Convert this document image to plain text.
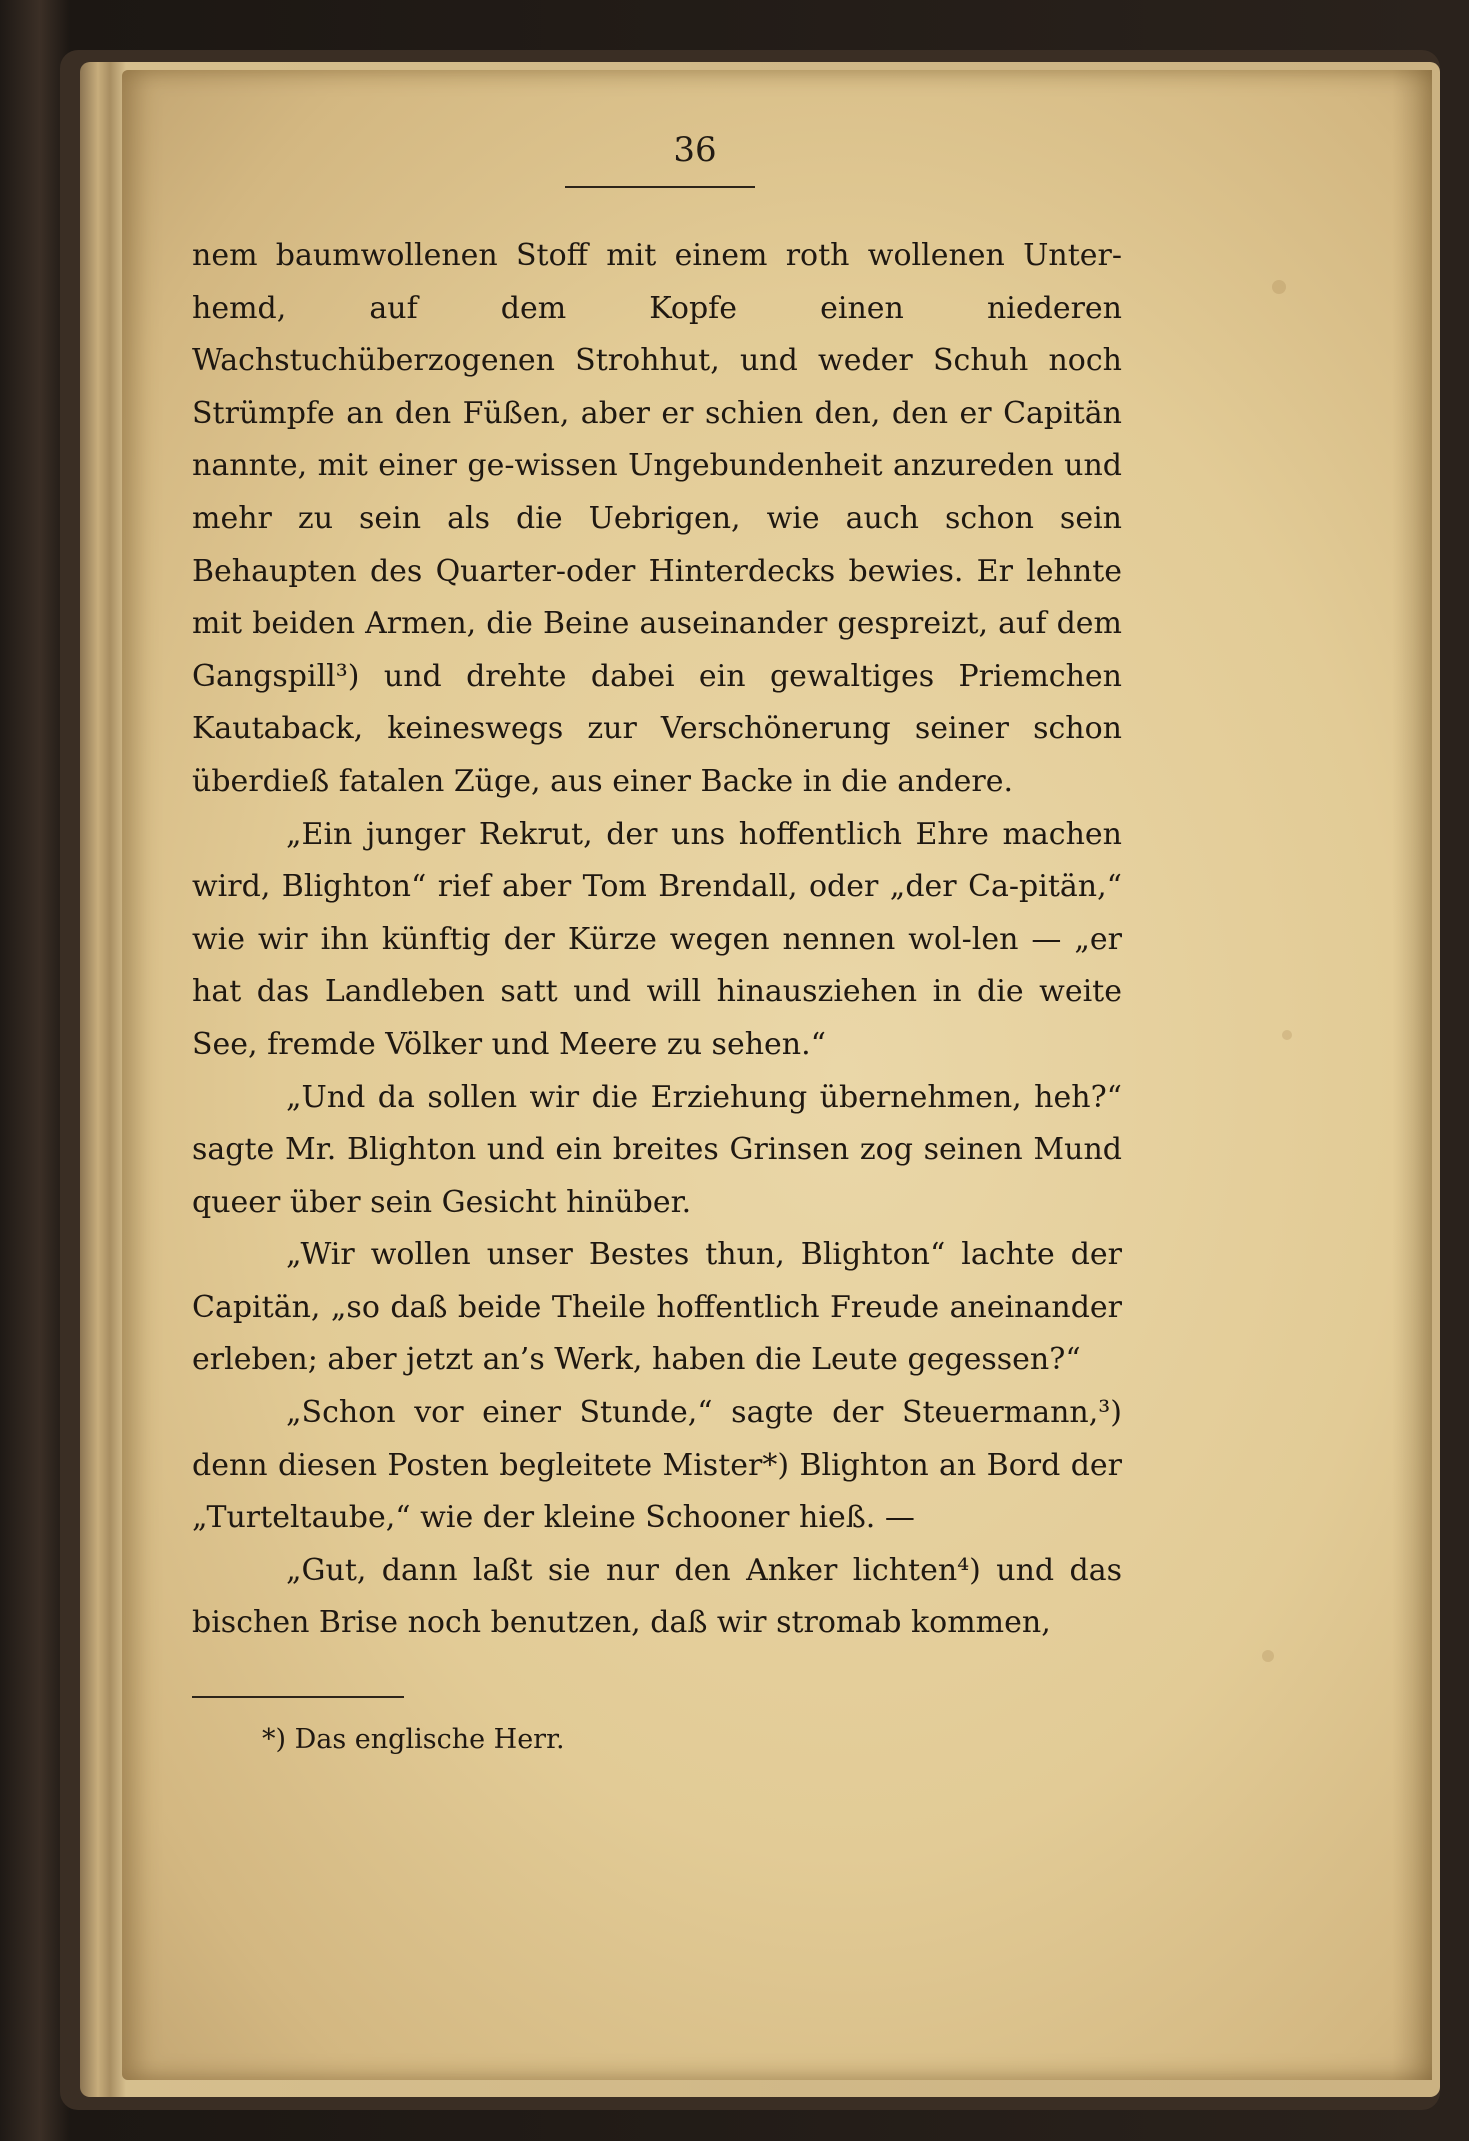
36

nem baumwollenen Stoff mit einem roth wollenen Unter‐hemd, auf dem Kopfe einen niederen Wachstuchüberzogenen Strohhut, und weder Schuh noch Strümpfe an den Füßen, aber er schien den, den er Capitän nannte, mit einer ge‐wissen Ungebundenheit anzureden und mehr zu sein als die Uebrigen, wie auch schon sein Behaupten des Quarter‐oder Hinterdecks bewies. Er lehnte mit beiden Armen, die Beine auseinander gespreizt, auf dem Gangspill³) und drehte dabei ein gewaltiges Priemchen Kautaback, keineswegs zur Verschönerung seiner schon überdieß fatalen Züge, aus einer Backe in die andere.

„Ein junger Rekrut, der uns hoffentlich Ehre machen wird, Blighton“ rief aber Tom Brendall, oder „der Ca‐pitän,“ wie wir ihn künftig der Kürze wegen nennen wol‐len — „er hat das Landleben satt und will hinausziehen in die weite See, fremde Völker und Meere zu sehen.“

„Und da sollen wir die Erziehung übernehmen, heh?“ sagte Mr. Blighton und ein breites Grinsen zog seinen Mund queer über sein Gesicht hinüber.

„Wir wollen unser Bestes thun, Blighton“ lachte der Capitän, „so daß beide Theile hoffentlich Freude aneinander erleben; aber jetzt an’s Werk, haben die Leute gegessen?“

„Schon vor einer Stunde,“ sagte der Steuermann,³) denn diesen Posten begleitete Mister*) Blighton an Bord der „Turteltaube,“ wie der kleine Schooner hieß. —

„Gut, dann laßt sie nur den Anker lichten⁴) und das bischen Brise noch benutzen, daß wir stromab kommen,

*) Das englische Herr.
